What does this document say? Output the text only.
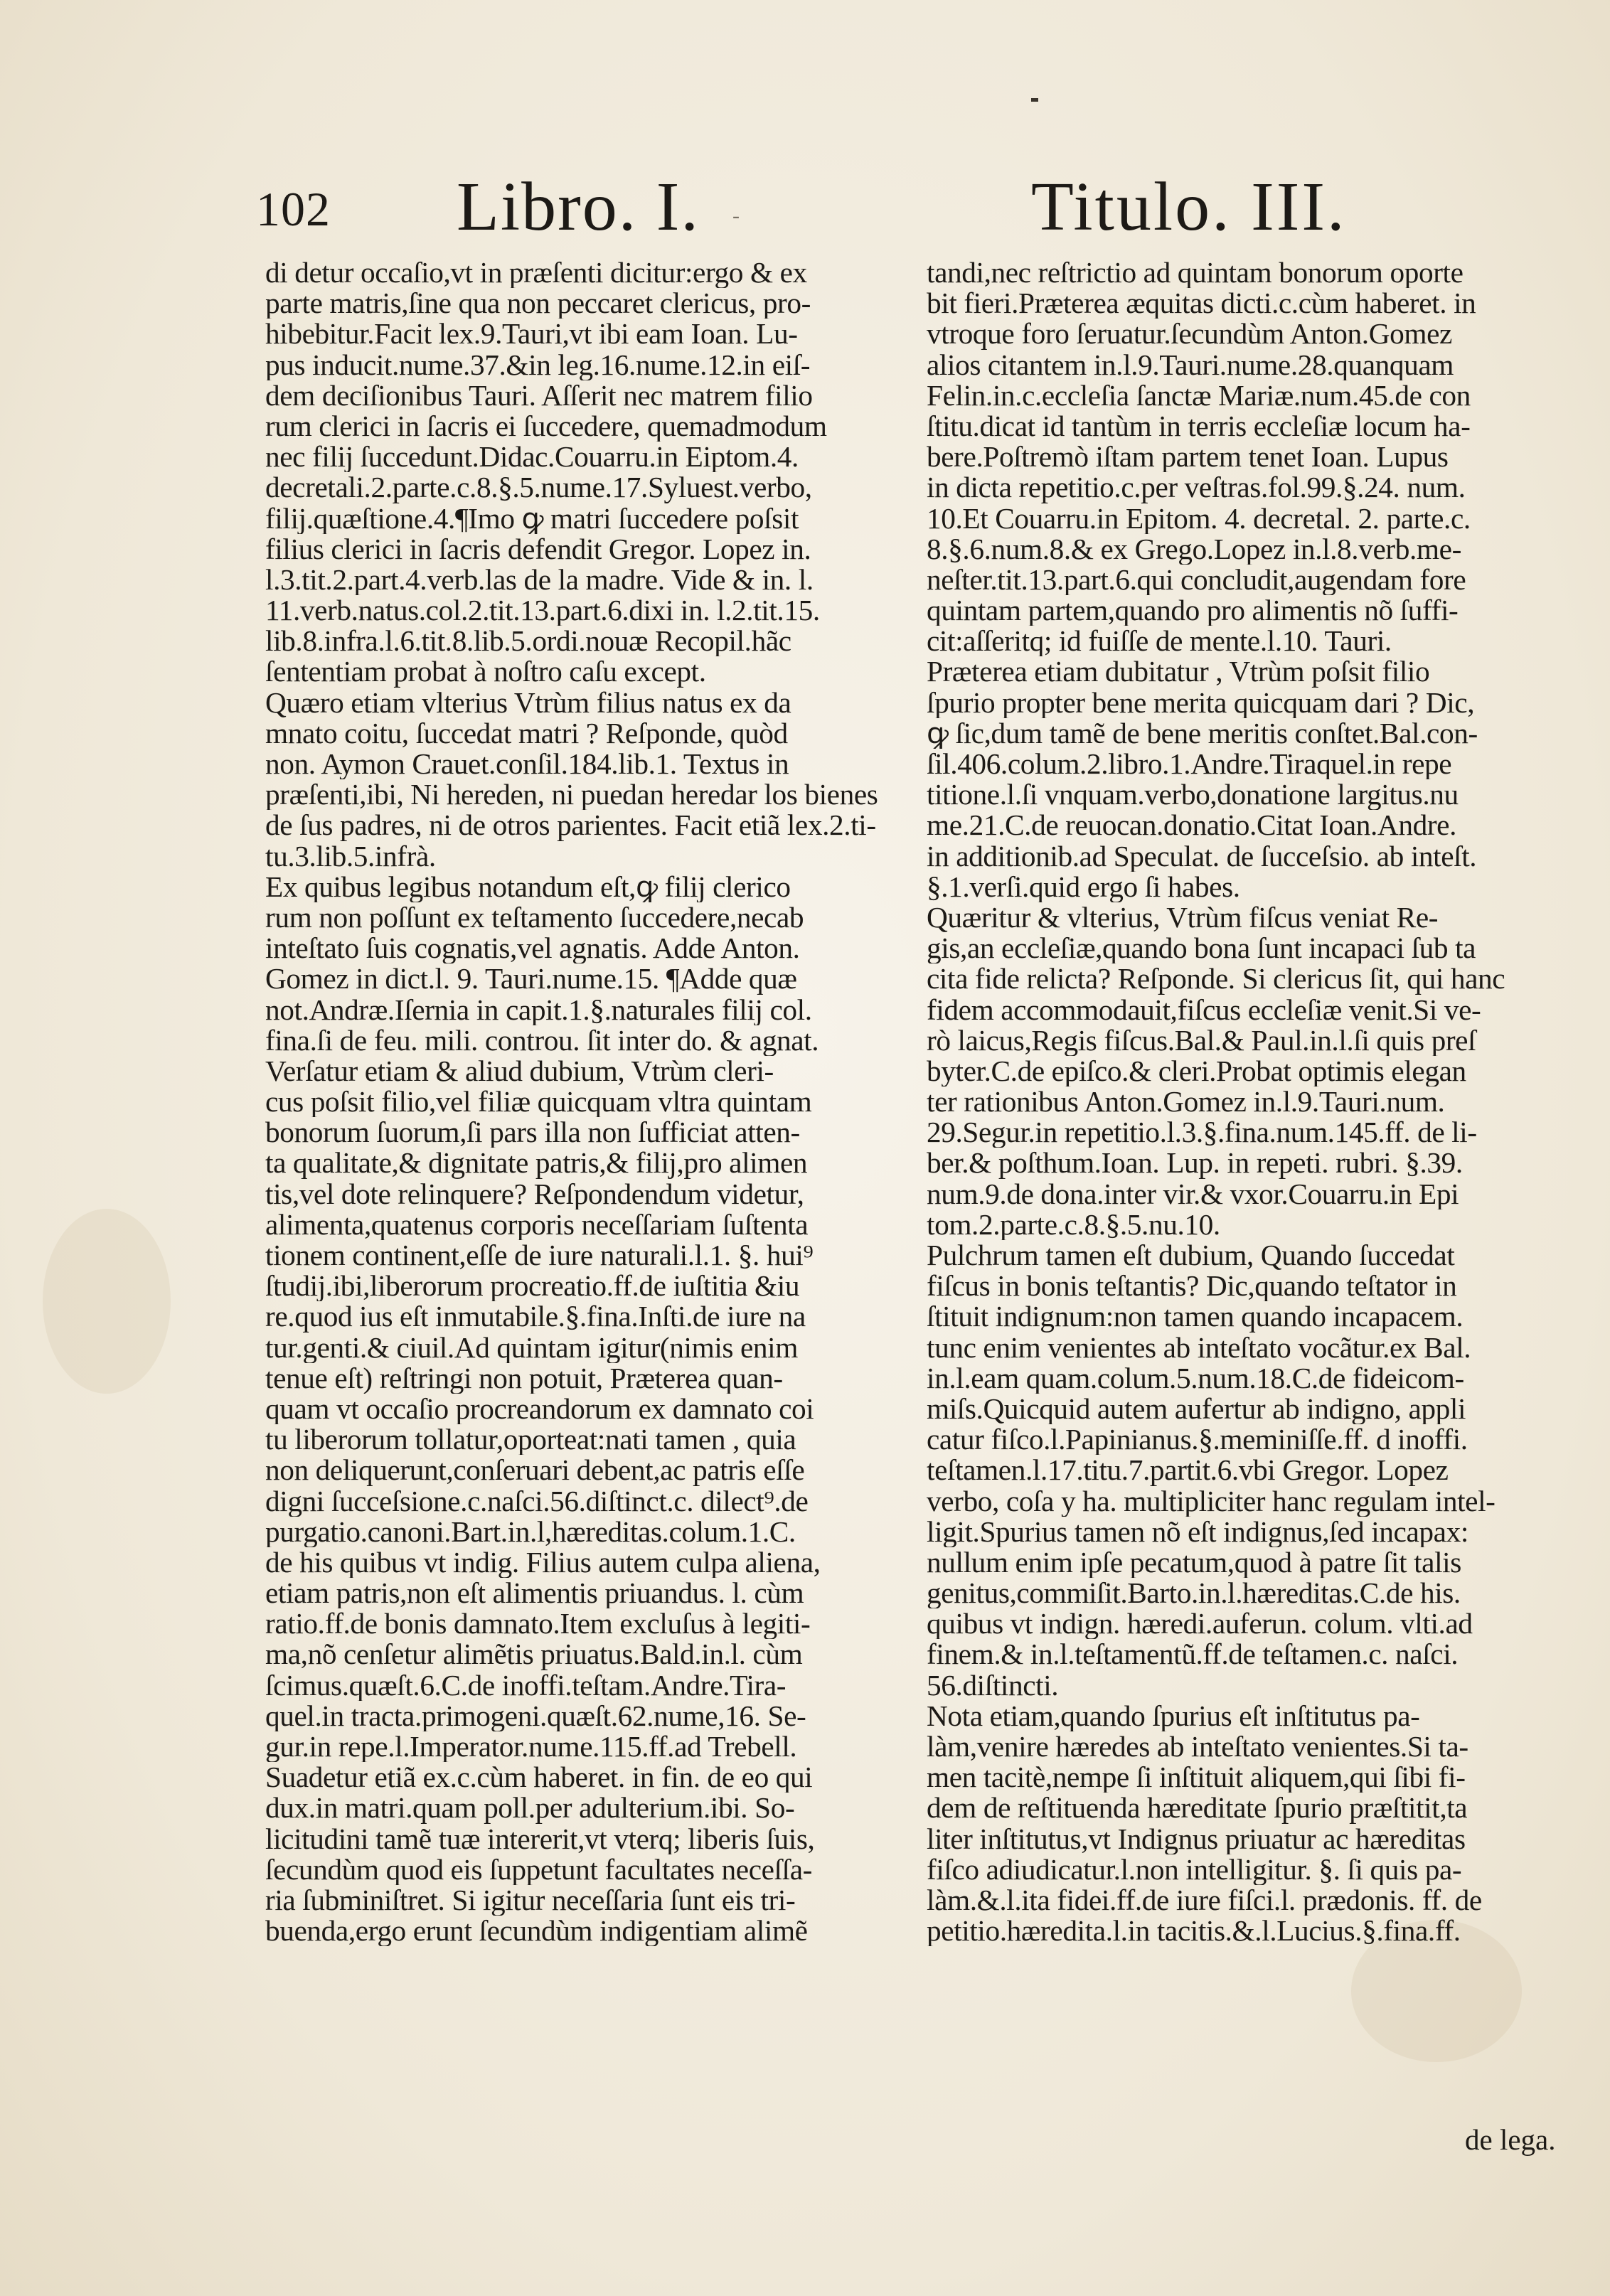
102 Libro. I. -	Titulo. III.
di detur occaſio,vt in præſenti dicitur:ergo & ex
parte matris,ſine qua non peccaret clericus, pro-
hibebitur.Facit lex.9.Tauri,vt ibi eam Ioan. Lu-
pus inducit.nume.37.&in leg.16.nume.12.in eiſ-
dem deciſionibus Tauri. Aſſerit nec matrem filio
rum clerici in ſacris ei ſuccedere, quemadmodum
nec filij ſuccedunt.Didac.Couarru.in Eiptom.4.
decretali.2.parte.c.8.§.5.nume.17.Syluest.verbo,
filij.quæſtione.4.¶Imo ꝙ matri ſuccedere poſsit
filius clerici in ſacris defendit Gregor. Lopez in.
l.3.tit.2.part.4.verb.las de la madre. Vide & in. l.
11.verb.natus.col.2.tit.13.part.6.dixi in. l.2.tit.15.
lib.8.infra.l.6.tit.8.lib.5.ordi.nouæ Recopil.hãc
ſententiam probat à noſtro caſu except.
Quæro etiam vlterius Vtrùm filius natus ex da
mnato coitu, ſuccedat matri ? Reſponde, quòd
non. Aymon Crauet.conſil.184.lib.1. Textus in
præſenti,ibi, Ni hereden, ni puedan heredar los bienes
de ſus padres, ni de otros parientes. Facit etiã lex.2.ti-
tu.3.lib.5.infrà.
Ex quibus legibus notandum eſt,ꝙ filij clerico
rum non poſſunt ex teſtamento ſuccedere,necab
inteſtato ſuis cognatis,vel agnatis. Adde Anton.
Gomez in dict.l. 9. Tauri.nume.15. ¶Adde quæ
not.Andræ.Iſernia in capit.1.§.naturales filij col.
fina.ſi de feu. mili. controu. ſit inter do. & agnat.
Verſatur etiam & aliud dubium, Vtrùm cleri-
cus poſsit filio,vel filiæ quicquam vltra quintam
bonorum ſuorum,ſi pars illa non ſufficiat atten-
ta qualitate,& dignitate patris,& filij,pro alimen
tis,vel dote relinquere? Reſpondendum videtur,
alimenta,quatenus corporis neceſſariam ſuſtenta
tionem continent,eſſe de iure naturali.l.1. §. hui⁹
ſtudij.ibi,liberorum procreatio.ff.de iuſtitia &iu
re.quod ius eſt inmutabile.§.fina.Inſti.de iure na
tur.genti.& ciuil.Ad quintam igitur(nimis enim
tenue eſt) reſtringi non potuit, Præterea quan-
quam vt occaſio procreandorum ex damnato coi
tu liberorum tollatur,oporteat:nati tamen , quia
non deliquerunt,conſeruari debent,ac patris eſſe
digni ſucceſsione.c.naſci.56.diſtinct.c. dilect⁹.de
purgatio.canoni.Bart.in.l,hæreditas.colum.1.C.
de his quibus vt indig. Filius autem culpa aliena,
etiam patris,non eſt alimentis priuandus. l. cùm
ratio.ff.de bonis damnato.Item excluſus à legiti-
ma,nõ cenſetur alimẽtis priuatus.Bald.in.l. cùm
ſcimus.quæſt.6.C.de inoffi.teſtam.Andre.Tira-
quel.in tracta.primogeni.quæſt.62.nume,16. Se-
gur.in repe.l.Imperator.nume.115.ff.ad Trebell.
Suadetur etiã ex.c.cùm haberet. in fin. de eo qui
dux.in matri.quam poll.per adulterium.ibi. So-
licitudini tamẽ tuæ intererit,vt vterq; liberis ſuis,
ſecundùm quod eis ſuppetunt facultates neceſſa-
ria ſubminiſtret. Si igitur neceſſaria ſunt eis tri-
buenda,ergo erunt ſecundùm indigentiam alimẽ
tandi,nec reſtrictio ad quintam bonorum oporte
bit fieri.Præterea æquitas dicti.c.cùm haberet. in
vtroque foro ſeruatur.ſecundùm Anton.Gomez
alios citantem in.l.9.Tauri.nume.28.quanquam
Felin.in.c.eccleſia ſanctæ Mariæ.num.45.de con
ſtitu.dicat id tantùm in terris eccleſiæ locum ha-
bere.Poſtremò iſtam partem tenet Ioan. Lupus
in dicta repetitio.c.per veſtras.fol.99.§.24. num.
10.Et Couarru.in Epitom. 4. decretal. 2. parte.c.
8.§.6.num.8.& ex Grego.Lopez in.l.8.verb.me-
neſter.tit.13.part.6.qui concludit,augendam fore
quintam partem,quando pro alimentis nõ ſuffi-
cit:aſſeritq; id fuiſſe de mente.l.10. Tauri.
Præterea etiam dubitatur , Vtrùm poſsit filio
ſpurio propter bene merita quicquam dari ? Dic,
ꝙ ſic,dum tamẽ de bene meritis conſtet.Bal.con-
ſil.406.colum.2.libro.1.Andre.Tiraquel.in repe
titione.l.ſi vnquam.verbo,donatione largitus.nu
me.21.C.de reuocan.donatio.Citat Ioan.Andre.
in additionib.ad Speculat. de ſucceſsio. ab inteſt.
§.1.verſi.quid ergo ſi habes.
Quæritur & vlterius, Vtrùm fiſcus veniat Re-
gis,an eccleſiæ,quando bona ſunt incapaci ſub ta
cita fide relicta? Reſponde. Si clericus ſit, qui hanc
fidem accommodauit,fiſcus eccleſiæ venit.Si ve-
rò laicus,Regis fiſcus.Bal.& Paul.in.l.ſi quis preſ
byter.C.de epiſco.& cleri.Probat optimis elegan
ter rationibus Anton.Gomez in.l.9.Tauri.num.
29.Segur.in repetitio.l.3.§.fina.num.145.ff. de li-
ber.& poſthum.Ioan. Lup. in repeti. rubri. §.39.
num.9.de dona.inter vir.& vxor.Couarru.in Epi
tom.2.parte.c.8.§.5.nu.10.
Pulchrum tamen eſt dubium, Quando ſuccedat
fiſcus in bonis teſtantis? Dic,quando teſtator in
ſtituit indignum:non tamen quando incapacem.
tunc enim venientes ab inteſtato vocãtur.ex Bal.
in.l.eam quam.colum.5.num.18.C.de fideicom-
miſs.Quicquid autem aufertur ab indigno, appli
catur fiſco.l.Papinianus.§.meminiſſe.ff. d inoffi.
teſtamen.l.17.titu.7.partit.6.vbi Gregor. Lopez
verbo, coſa y ha. multipliciter hanc regulam intel-
ligit.Spurius tamen nõ eſt indignus,ſed incapax:
nullum enim ipſe pecatum,quod à patre ſit talis
genitus,commiſit.Barto.in.l.hæreditas.C.de his.
quibus vt indign. hæredi.auferun. colum. vlti.ad
finem.& in.l.teſtamentũ.ff.de teſtamen.c. naſci.
56.diſtincti.
Nota etiam,quando ſpurius eſt inſtitutus pa-
làm,venire hæredes ab inteſtato venientes.Si ta-
men tacitè,nempe ſi inſtituit aliquem,qui ſibi fi-
dem de reſtituenda hæreditate ſpurio præſtitit,ta
liter inſtitutus,vt Indignus priuatur ac hæreditas
fiſco adiudicatur.l.non intelligitur. §. ſi quis pa-
làm.&.l.ita fidei.ff.de iure fiſci.l. prædonis. ff. de
petitio.hæredita.l.in tacitis.&.l.Lucius.§.fina.ff.
de lega.
